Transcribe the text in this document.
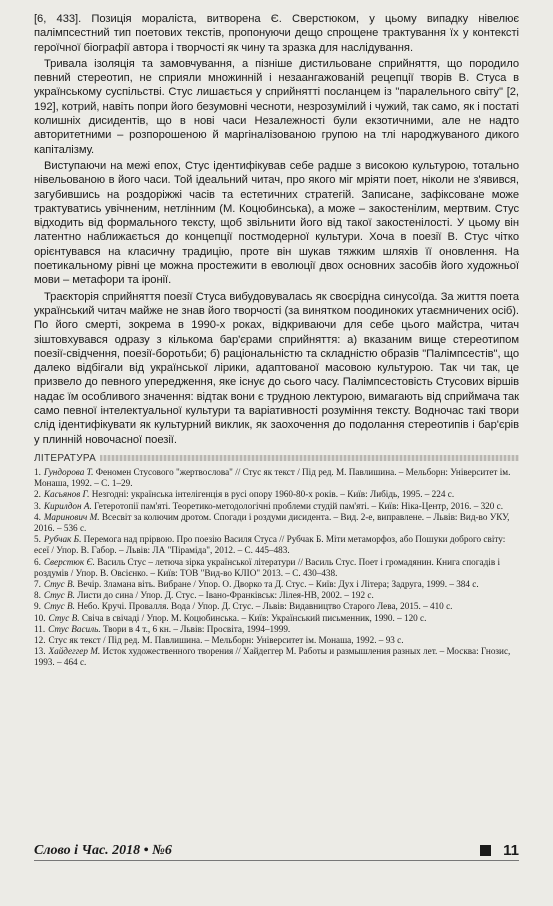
[6, 433]. Позиція мораліста, витворена Є. Сверстюком, у цьому випадку нівелює палімпсестний тип поетових текстів, пропонуючи дещо спрощене трактування їх у контексті героїчної біографії автора і творчості як чину та зразка для наслідування.

Тривала ізоляція та замовчування, а пізніше дистильоване сприйняття, що породило певний стереотип, не сприяли множинній і незаангажованій рецепції творів В. Стуса в українському суспільстві. Стус лишається у сприйнятті посланцем із "паралельного світу" [2, 192], котрий, навіть попри його безумовні чесноти, незрозумілий і чужий, так само, як і постаті колишніх дисидентів, що в нові часи Незалежності були екзотичними, але не надто авторитетними – розпорошеною й маргіналізованою групою на тлі народжуваного дикого капіталізму.

Виступаючи на межі епох, Стус ідентифікував себе радше з високою культурою, тотально нівельованою в його часи. Той ідеальний читач, про якого міг мріяти поет, ніколи не з'явився, загубившись на роздоріжжі часів та естетичних стратегій. Записане, зафіксоване може трактуватись увічненим, нетлінним (М. Коцюбинська), а може – закостенілим, мертвим. Стус відходить від формального тексту, щоб звільнити його від такої закостенілості. У цьому він латентно наближається до концепції постмодерної культури. Хоча в поезії В. Стус чітко орієнтувався на класичну традицію, проте він шукав тяжким шляхів її оновлення. На поетикальному рівні це можна простежити в еволюції двох основних засобів його художньої мови – метафори та іронії.

Траєкторія сприйняття поезії Стуса вибудовувалась як своєрідна синусоїда. За життя поета український читач майже не знав його творчості (за винятком поодиноких утаємничених осіб). По його смерті, зокрема в 1990-х роках, відкриваючи для себе цього майстра, читач зіштовхувався одразу з кількома бар'єрами сприйняття: а) вказаним вище стереотипом поезії-свідчення, поезії-боротьби; б) раціональністю та складністю образів "Палімпсестів", що далеко відбігали від української лірики, адаптованої масовою культурою. Так чи так, це призвело до певного упередження, яке існує до сього часу. Палімпсестовість Стусових віршів надає їм особливого значення: відтак вони є трудною лектурою, вимагають від сприймача так само певної інтелектуальної культури та варіативності розуміння тексту. Водночас такі твори слід ідентифікувати як культурний виклик, як заохочення до подолання стереотипів і бар'єрів у плинній новочасної поезії.

ЛІТЕРАТУРА
1. Гундорова Т. Феномен Стусового "жертвослова" // Стус як текст / Під ред. М. Павлишина. – Мельборн: Університет ім. Монаша, 1992. – С. 1–29.
2. Касьянов Г. Незгодні: українська інтелігенція в русі опору 1960-80-х років. – Київ: Либідь, 1995. – 224 с.
3. Кирилдон А. Гетеротопії пам'яті. Теоретико-методологічні проблеми студій пам'яті. – Київ: Ніка-Центр, 2016. – 320 с.
4. Маринович М. Всесвіт за колючим дротом. Спогади і роздуми дисидента. – Вид. 2-е, виправлене. – Львів: Вид-во УКУ, 2016. – 536 с.
5. Рубчак Б. Перемога над прірвою. Про поезію Василя Стуса // Рубчак Б. Міти метаморфоз, або Пошуки доброго світу: есеї / Упор. В. Габор. – Львів: ЛА "Піраміда", 2012. – С. 445–483.
6. Сверстюк Є. Василь Стус – летюча зірка української літератури // Василь Стус. Поет і громадянин. Книга спогадів і роздумів / Упор. В. Овсієнко. – Київ: ТОВ "Вид-во КЛІО" 2013. – С. 430–438.
7. Стус В. Вечір. Зламана віть. Вибране / Упор. О. Дворко та Д. Стус. – Київ: Дух і Літера; Задруга, 1999. – 384 с.
8. Стус В. Листи до сина / Упор. Д. Стус. – Івано-Франківськ: Лілея-НВ, 2002. – 192 с.
9. Стус В. Небо. Кручі. Провалля. Вода / Упор. Д. Стус. – Львів: Видавництво Старого Лева, 2015. – 410 с.
10. Стус В. Свіча в свічаді / Упор. М. Коцюбинська. – Київ: Український письменник, 1990. – 120 с.
11. Стус Василь. Твори в 4 т., 6 кн. – Львів: Просвіта, 1994–1999.
12. Стус як текст / Під ред. М. Павлишина. – Мельборн: Університет ім. Монаша, 1992. – 93 с.
13. Хайдеггер М. Исток художественного творения // Хайдеггер М. Работы и размышления разных лет. – Москва: Гнозис, 1993. – 464 с.
Слово і Час. 2018 • №6	11
